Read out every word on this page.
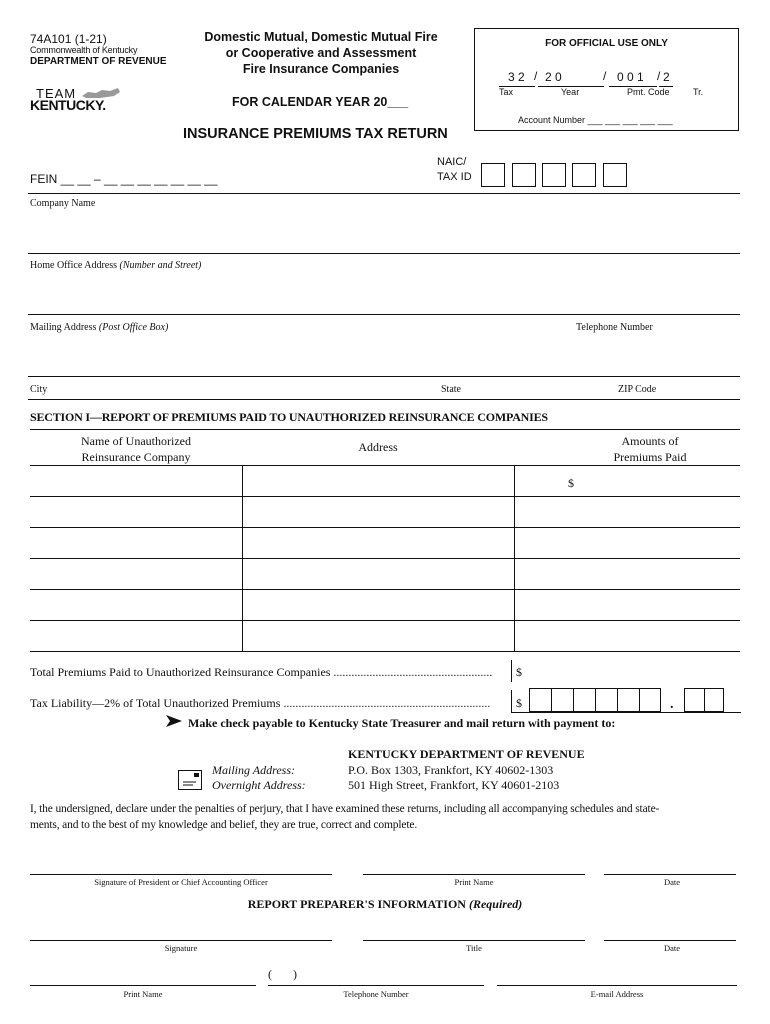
74A101 (1-21)
Commonwealth of Kentucky
DEPARTMENT OF REVENUE
TEAM
KENTUCKY.
Domestic Mutual, Domestic Mutual Fire
or Cooperative and Assessment
Fire Insurance Companies
FOR CALENDAR YEAR 20___
INSURANCE PREMIUMS TAX RETURN
FOR OFFICIAL USE ONLY
3 2 / 2 0	/ 0 0 1 / 2
Tax	Year	Pmt. Code	Tr.
Account Number ___ ___ ___ ___ ___
FEIN __ __ – __ __ __ __ __ __ __
NAIC/
TAX ID
Company Name
Home Office Address (Number and Street)
Mailing Address (Post Office Box)	Telephone Number
City	State	ZIP Code
SECTION I—REPORT OF PREMIUMS PAID TO UNAUTHORIZED REINSURANCE COMPANIES
Name of Unauthorized
Reinsurance Company
Address	Amounts of
Premiums Paid
$
Total Premiums Paid to Unauthorized Reinsurance Companies .....................................................	$
Tax Liability—2% of Total Unauthorized Premiums .....................................................................	$	.
Make check payable to Kentucky State Treasurer and mail return with payment to:
KENTUCKY DEPARTMENT OF REVENUE
Mailing Address:	P.O. Box 1303, Frankfort, KY 40602-1303
Overnight Address:	501 High Street, Frankfort, KY 40601-2103
I, the undersigned, declare under the penalties of perjury, that I have examined these returns, including all accompanying schedules and state-
ments, and to the best of my knowledge and belief, they are true, correct and complete.
Signature of President or Chief Accounting Officer	Print Name	Date
REPORT PREPARER'S INFORMATION (Required)
Signature	Title	Date
(       )
Print Name	Telephone Number	E-mail Address
